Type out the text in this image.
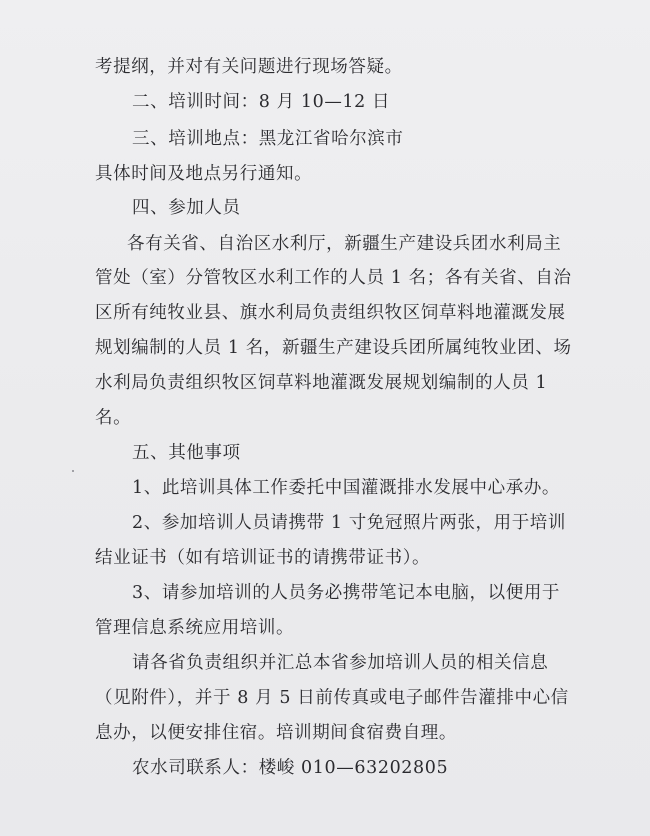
考提纲，并对有关问题进行现场答疑。
二、培训时间：8 月 10—12 日
三、培训地点：黑龙江省哈尔滨市
具体时间及地点另行通知。
四、参加人员
各有关省、自治区水利厅，新疆生产建设兵团水利局主
管处（室）分管牧区水利工作的人员 1 名；各有关省、自治
区所有纯牧业县、旗水利局负责组织牧区饲草料地灌溉发展
规划编制的人员 1 名，新疆生产建设兵团所属纯牧业团、场
水利局负责组织牧区饲草料地灌溉发展规划编制的人员 1
名。
五、其他事项
1、此培训具体工作委托中国灌溉排水发展中心承办。
2、参加培训人员请携带 1 寸免冠照片两张，用于培训
结业证书（如有培训证书的请携带证书）。
3、请参加培训的人员务必携带笔记本电脑，以便用于
管理信息系统应用培训。
请各省负责组织并汇总本省参加培训人员的相关信息
（见附件），并于 8 月 5 日前传真或电子邮件告灌排中心信
息办，以便安排住宿。培训期间食宿费自理。
农水司联系人：楼峻 010—63202805
